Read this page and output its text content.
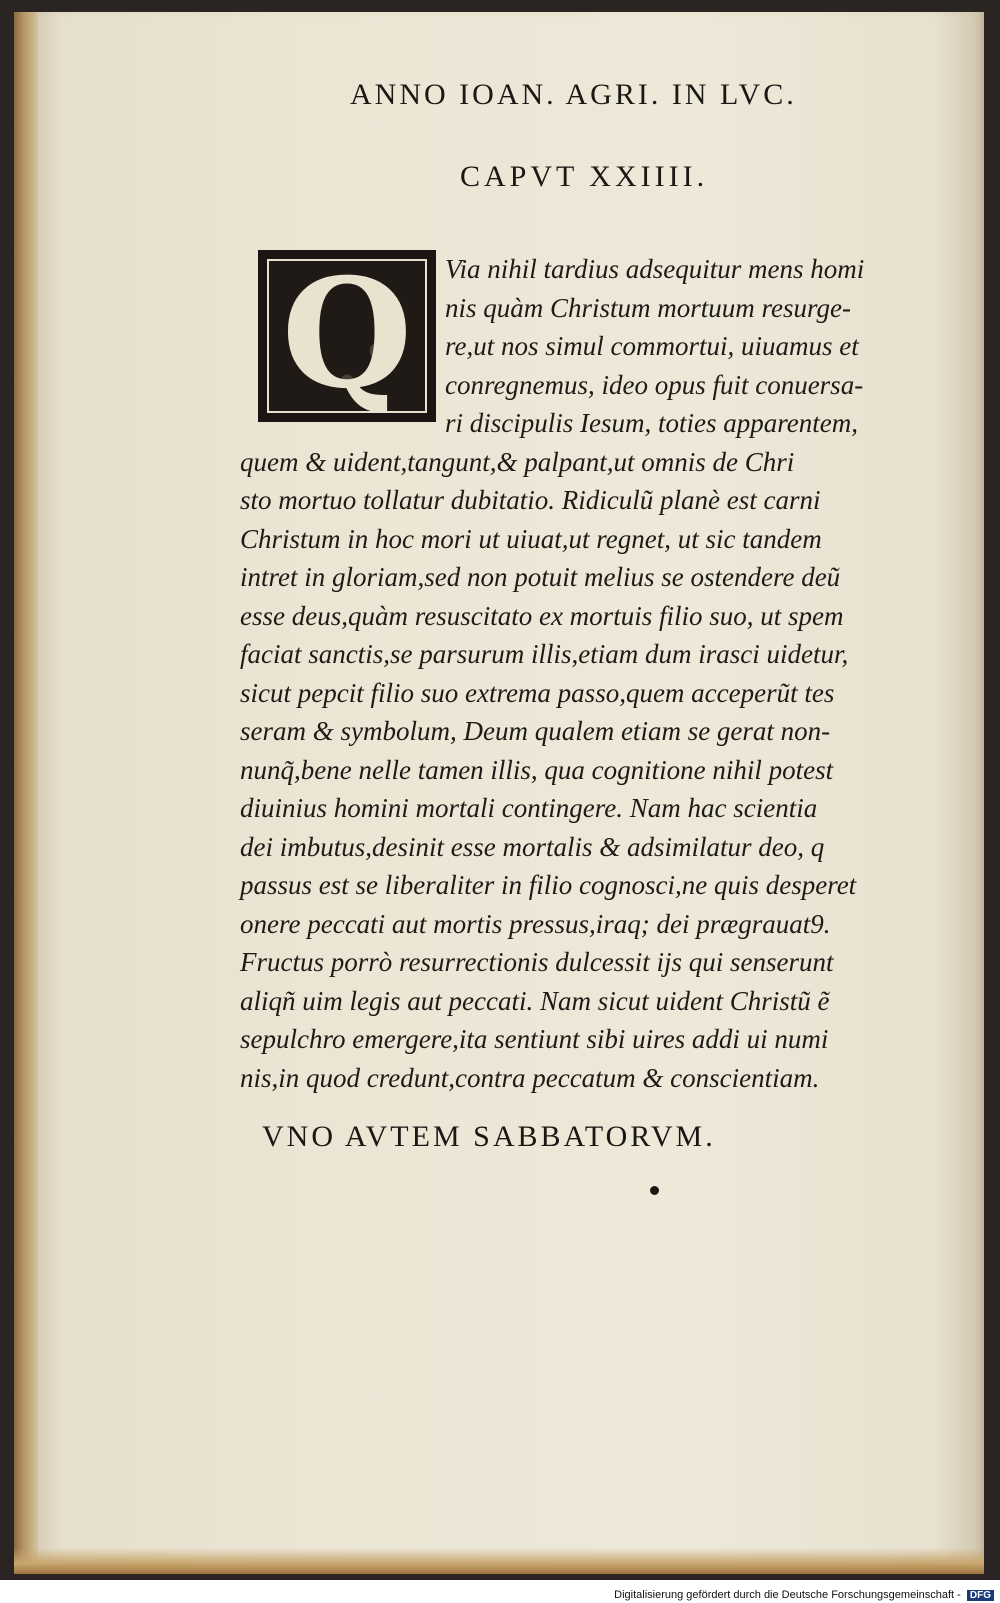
ANNO IOAN. AGRI. IN LVC.
CAPVT XXIIII.
Q	Via nihil tardius adsequitur mens homi
nis quàm Christum mortuum resurge-
re,ut nos simul commortui, uiuamus et
conregnemus, ideo opus fuit conuersa-
ri discipulis Iesum, toties apparentem,
quem & uident,tangunt,& palpant,ut omnis de Chri
sto mortuo tollatur dubitatio. Ridiculũ planè est carni
Christum in hoc mori ut uiuat,ut regnet, ut sic tandem
intret in gloriam,sed non potuit melius se ostendere deũ
esse deus,quàm resuscitato ex mortuis filio suo, ut spem
faciat sanctis,se parsurum illis,etiam dum irasci uidetur,
sicut pepcit filio suo extrema passo,quem acceperũt tes
seram & symbolum, Deum qualem etiam se gerat non-
nunq̃,bene nelle tamen illis, qua cognitione nihil potest
diuinius homini mortali contingere. Nam hac scientia
dei imbutus,desinit esse mortalis & adsimilatur deo, q
passus est se liberaliter in filio cognosci,ne quis desperet
onere peccati aut mortis pressus,iraq; dei prægrauat9.
Fructus porrò resurrectionis dulcessit ijs qui senserunt
aliqñ uim legis aut peccati. Nam sicut uident Christũ ẽ
sepulchro emergere,ita sentiunt sibi uires addi ui numi
nis,in quod credunt,contra peccatum & conscientiam.
VNO AVTEM SABBATORVM.
Digitalisierung gefördert durch die Deutsche Forschungsgemeinschaft - DFG
